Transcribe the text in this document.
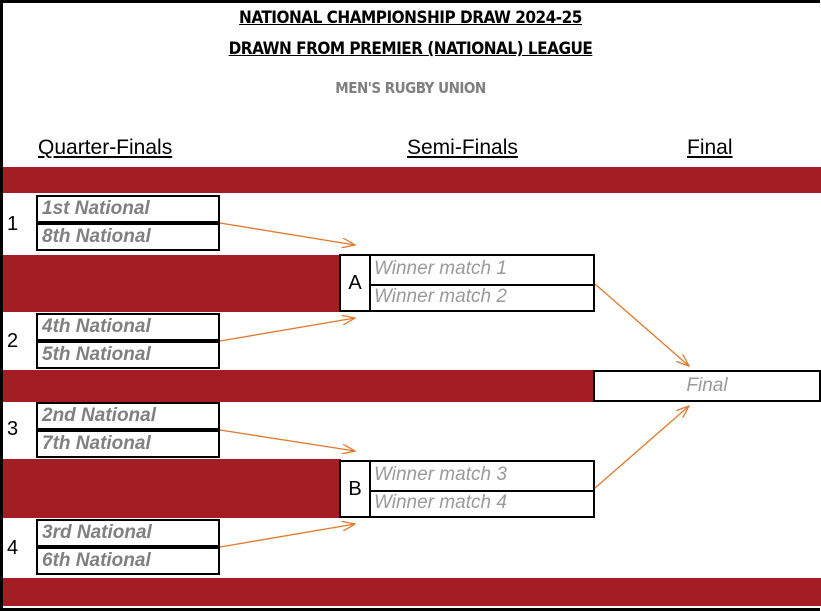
NATIONAL CHAMPIONSHIP DRAW 2024-25
DRAWN FROM PREMIER (NATIONAL) LEAGUE
MEN'S RUGBY UNION
Quarter-Finals	Semi-Finals	Final
1
1st National
8th National
2
4th National
5th National
3
2nd National
7th National
4
3rd National
6th National
A
Winner match 1
Winner match 2
B
Winner match 3
Winner match 4
Final
